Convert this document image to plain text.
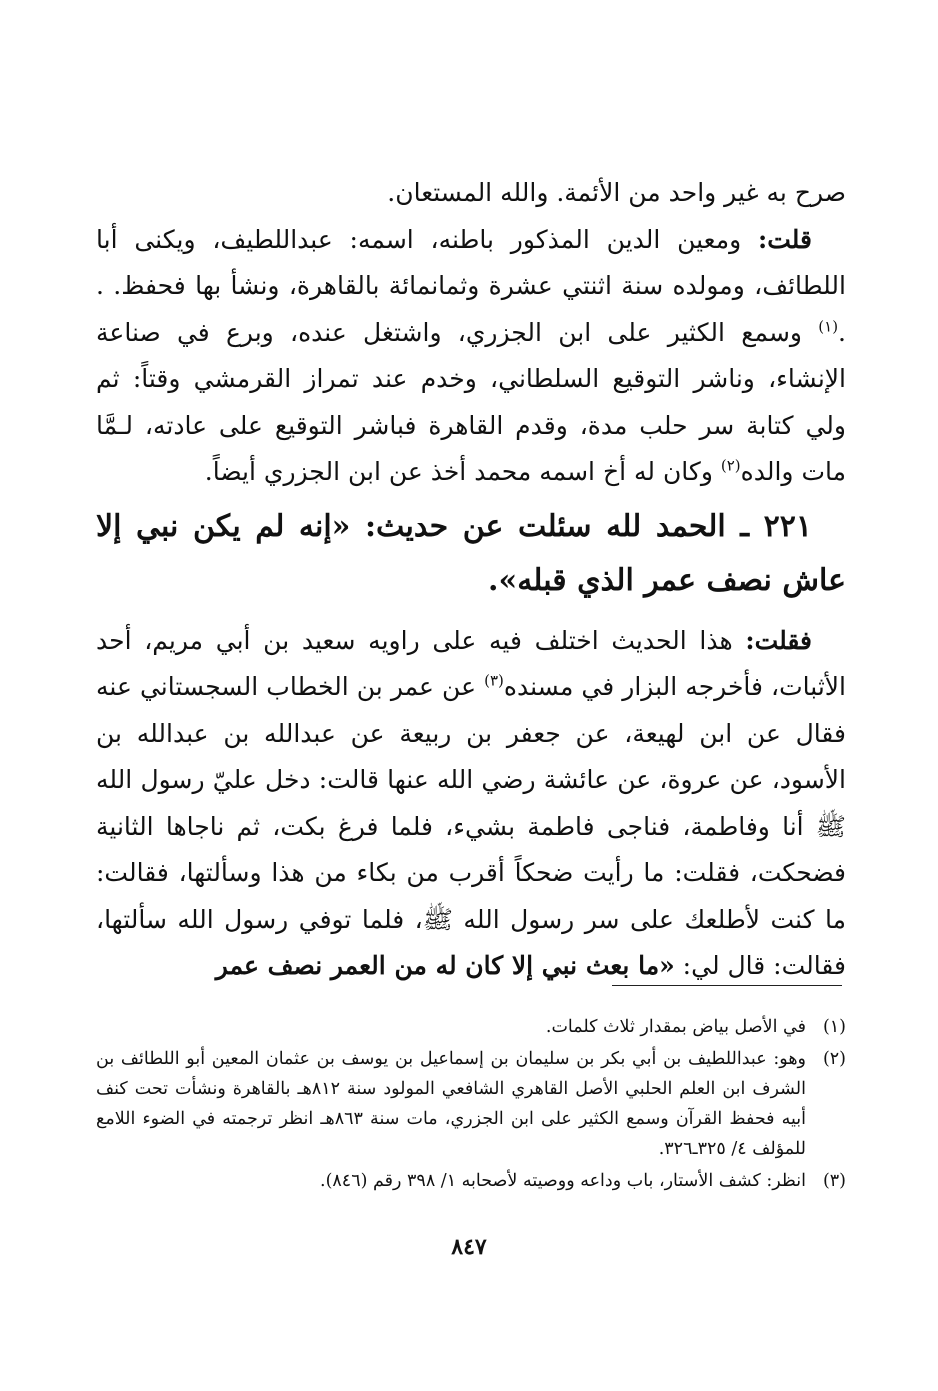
صرح به غير واحد من الأئمة. والله المستعان.

قلت: ومعين الدين المذكور باطنه، اسمه: عبداللطيف، ويكنى أبا اللطائف، ومولده سنة اثنتي عشرة وثمانمائة بالقاهرة، ونشأ بها فحفظ. . .$^{(١)}$ وسمع الكثير على ابن الجزري، واشتغل عنده، وبرع في صناعة الإنشاء، وناشر التوقيع السلطاني، وخدم عند تمراز القرمشي وقتاً: ثم ولي كتابة سر حلب مدة، وقدم القاهرة فباشر التوقيع على عادته، لـمَّا مات والده$^{(٢)}$ وكان له أخ اسمه محمد أخذ عن ابن الجزري أيضاً.

٢٢١ ـ الحمد لله سئلت عن حديث: «إنه لم يكن نبي إلا عاش نصف عمر الذي قبله».

فقلت: هذا الحديث اختلف فيه على راويه سعيد بن أبي مريم، أحد الأثبات، فأخرجه البزار في مسنده$^{(٣)}$ عن عمر بن الخطاب السجستاني عنه فقال عن ابن لهيعة، عن جعفر بن ربيعة عن عبدالله بن عبدالله بن الأسود، عن عروة، عن عائشة رضي الله عنها قالت: دخل عليّ رسول الله ﷺ أنا وفاطمة، فناجى فاطمة بشيء، فلما فرغ بكت، ثم ناجاها الثانية فضحكت، فقلت: ما رأيت ضحكاً أقرب من بكاء من هذا وسألتها، فقالت: ما كنت لأطلعك على سر رسول الله ﷺ، فلما توفي رسول الله سألتها، فقالت: قال لي: «ما بعث نبي إلا كان له من العمر نصف عمر

(١)
في الأصل بياض بمقدار ثلاث كلمات.
(٢)
وهو: عبداللطيف بن أبي بكر بن سليمان بن إسماعيل بن يوسف بن عثمان المعين أبو اللطائف بن الشرف ابن العلم الحلبي الأصل القاهري الشافعي المولود سنة ٨١٢هـ بالقاهرة ونشأت تحت كنف أبيه فحفظ القرآن وسمع الكثير على ابن الجزري، مات سنة ٨٦٣هـ انظر ترجمته في الضوء اللامع للمؤلف ٤/ ٣٢٥ـ٣٢٦.
(٣)
انظر: كشف الأستار، باب وداعه ووصيته لأصحابه ١/ ٣٩٨ رقم (٨٤٦).
٨٤٧
